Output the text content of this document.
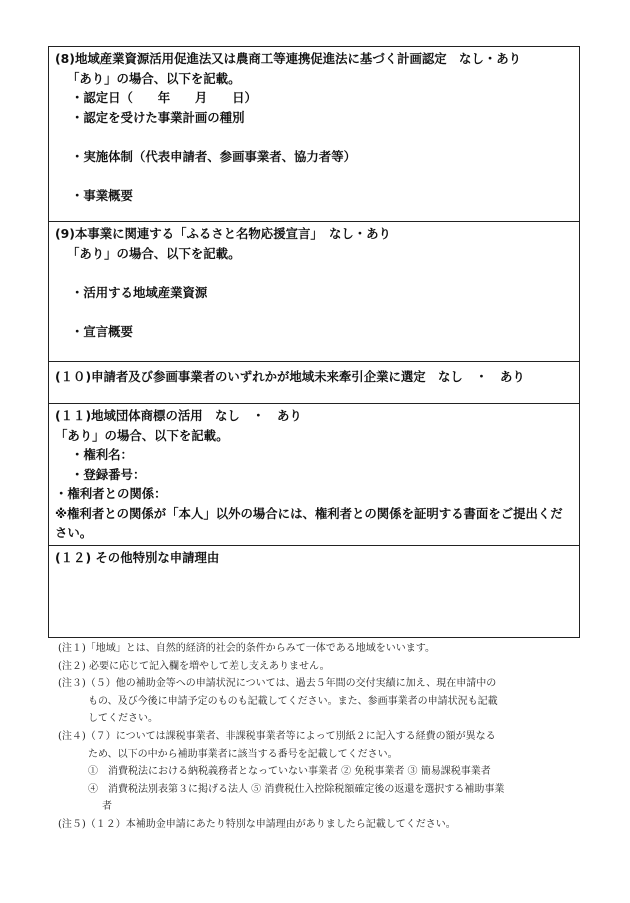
(8)地域産業資源活用促進法又は農商工等連携促進法に基づく計画認定　なし・あり
「あり」の場合、以下を記載。
・認定日（　　年　　月　　日）
・認定を受けた事業計画の種別
・実施体制（代表申請者、参画事業者、協力者等）
・事業概要
(9)本事業に関連する「ふるさと名物応援宣言」　なし・あり
「あり」の場合、以下を記載。
・活用する地域産業資源
・宣言概要
(１０)申請者及び参画事業者のいずれかが地域未来牽引企業に選定　なし　・　あり
(１１)地域団体商標の活用　なし　・　あり
「あり」の場合、以下を記載。
・権利名：
・登録番号：
・権利者との関係：
※権利者との関係が「本人」以外の場合には、権利者との関係を証明する書面をご提出ください。
(１２) その他特別な申請理由
(注１)「地域」とは、自然的経済的社会的条件からみて一体である地域をいいます。
(注２) 必要に応じて記入欄を増やして差し支えありません。
(注３)（５）他の補助金等への申請状況については、過去５年間の交付実績に加え、現在申請中の
もの、及び今後に申請予定のものも記載してください。また、参画事業者の申請状況も記載
してください。
(注４)（７）については課税事業者、非課税事業者等によって別紙２に記入する経費の額が異なる
ため、以下の中から補助事業者に該当する番号を記載してください。
①　消費税法における納税義務者となっていない事業者 ② 免税事業者 ③ 簡易課税事業者
④　消費税法別表第３に掲げる法人 ⑤ 消費税仕入控除税額確定後の返還を選択する補助事業
者
(注５)（１２）本補助金申請にあたり特別な申請理由がありましたら記載してください。
